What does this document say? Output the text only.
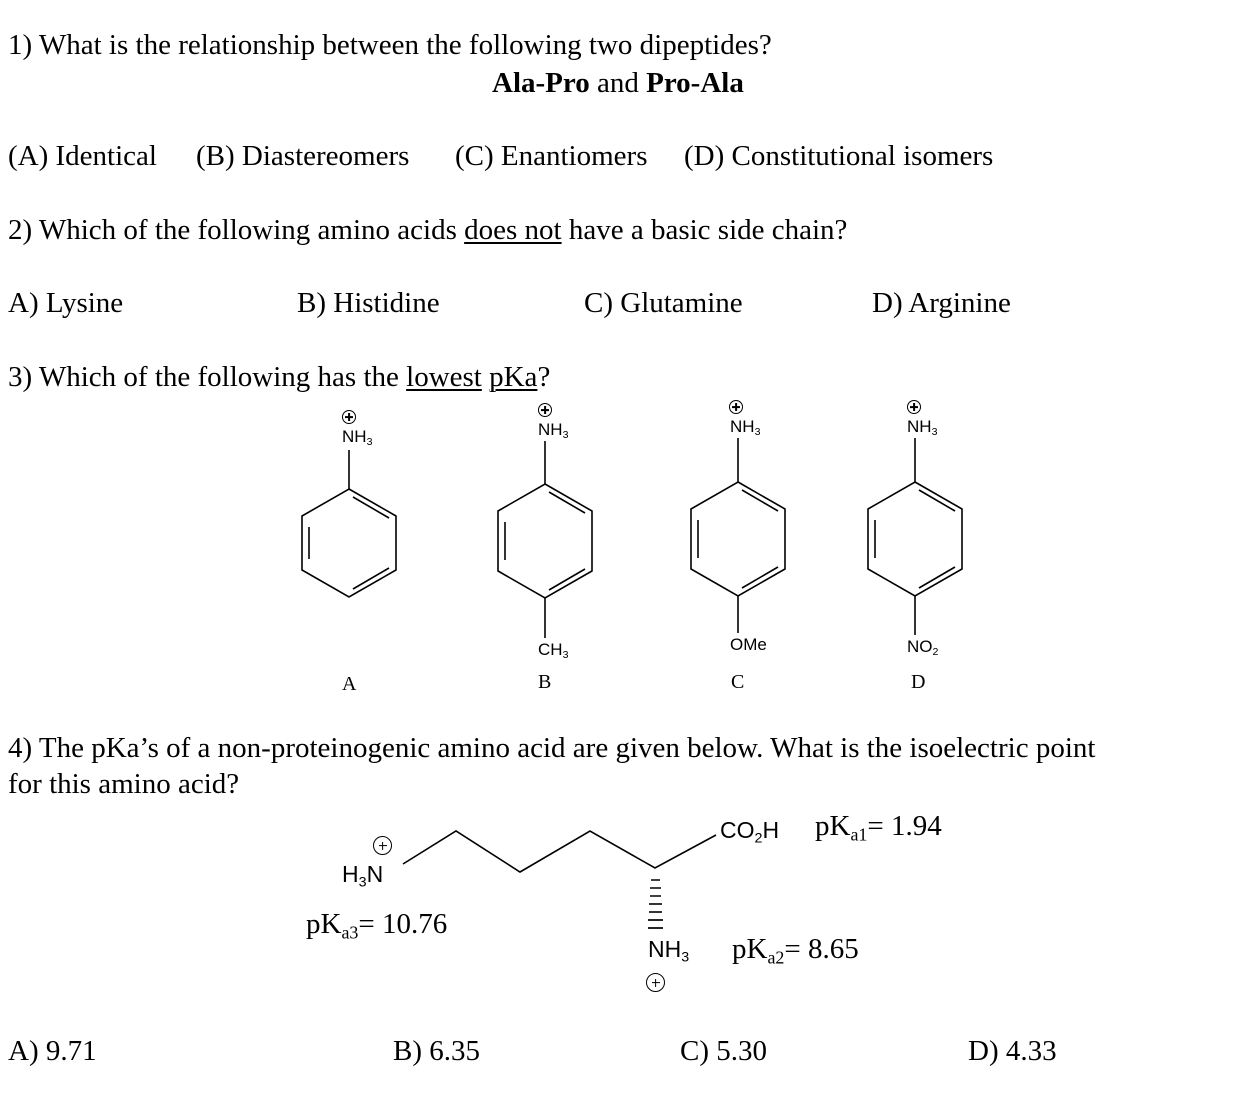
1) What is the relationship between the following two dipeptides?
Ala-Pro and Pro-Ala
(A) Identical (B) Diastereomers (C) Enantiomers (D) Constitutional isomers
2) Which of the following amino acids does not have a basic side chain?
A) Lysine	B) Histidine	C) Glutamine	D) Arginine
3) Which of the following has the lowest pKa?
$NH_3$
A
$NH_3$
$CH_3$
B
$NH_3$
OMe
C
$NH_3$
$NO_2$
D
4) The pKa’s of a non-proteinogenic amino acid are given below. What is the isoelectric point
for this amino acid?
$CO_2H$ $pK_{a1}= 1.94$
$H_3N$
$pK_{a3}= 10.76$
$NH_3$ $pK_{a2}= 8.65$
A) 9.71	B) 6.35	C) 5.30	D) 4.33
